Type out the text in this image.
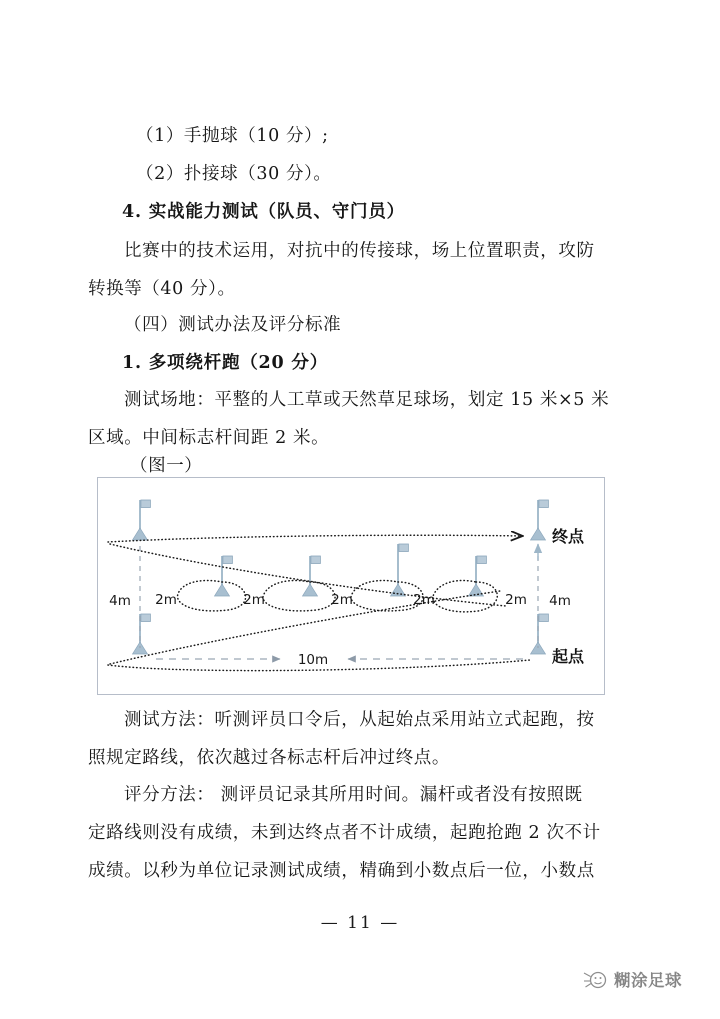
（1）手抛球（10 分）;
（2）扑接球（30 分）。
4. 实战能力测试（队员、守门员）
比赛中的技术运用，对抗中的传接球，场上位置职责，攻防
转换等（40 分）。
（四）测试办法及评分标准
1. 多项绕杆跑（20 分）
测试场地：平整的人工草或天然草足球场，划定 15 米×5 米
区域。中间标志杆间距 2 米。
（图一）
4m	4m
10m
2m	2m	2m	2m	2m
终点
起点
测试方法：听测评员口令后，从起始点采用站立式起跑，按
照规定路线，依次越过各标志杆后冲过终点。
评分方法： 测评员记录其所用时间。漏杆或者没有按照既
定路线则没有成绩，未到达终点者不计成绩，起跑抢跑 2 次不计
成绩。以秒为单位记录测试成绩，精确到小数点后一位，小数点
— 11 —
糊涂足球
